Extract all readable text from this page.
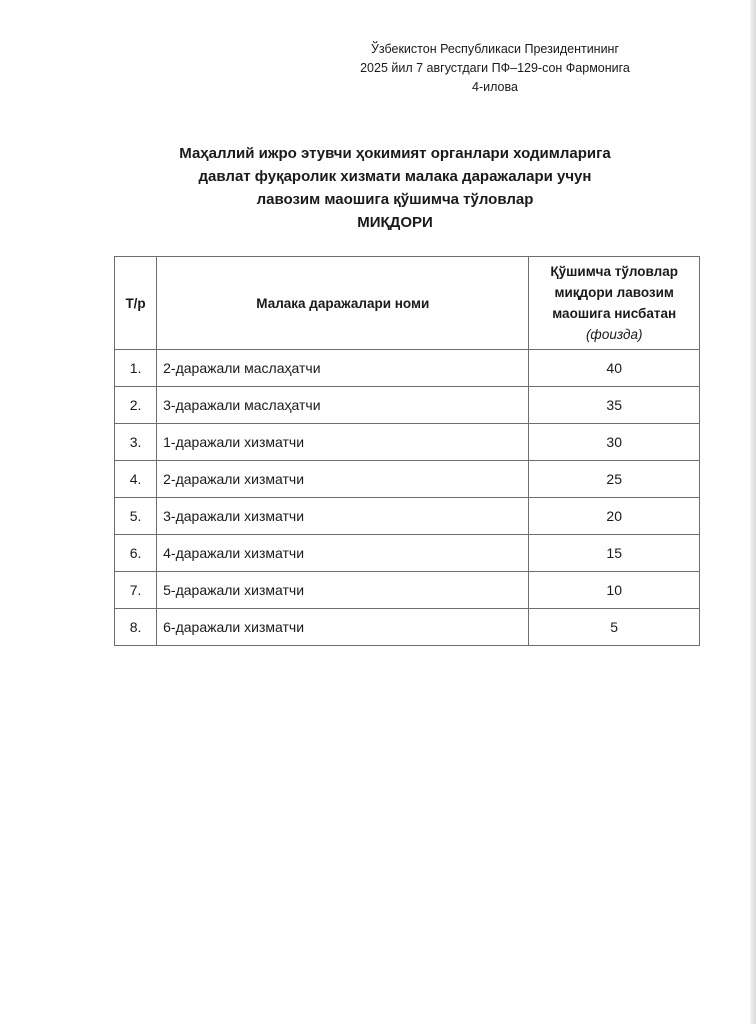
Ўзбекистон Республикаси Президентининг
2025 йил 7 августдаги ПФ–129-сон Фармонига
4-илова
Маҳаллий ижро этувчи ҳокимият органлари ходимларига
давлат фуқаролик хизмати малака даражалари учун
лавозим маошига қўшимча тўловлар
МИҚДОРИ
Т/р	Малака даражалари номи	Қўшимча тўловлар
миқдори лавозим
маошига нисбатан
(фоизда)

1.	2-даражали маслаҳатчи	40
2.	3-даражали маслаҳатчи	35
3.	1-даражали хизматчи	30
4.	2-даражали хизматчи	25
5.	3-даражали хизматчи	20
6.	4-даражали хизматчи	15
7.	5-даражали хизматчи	10
8.	6-даражали хизматчи	5
